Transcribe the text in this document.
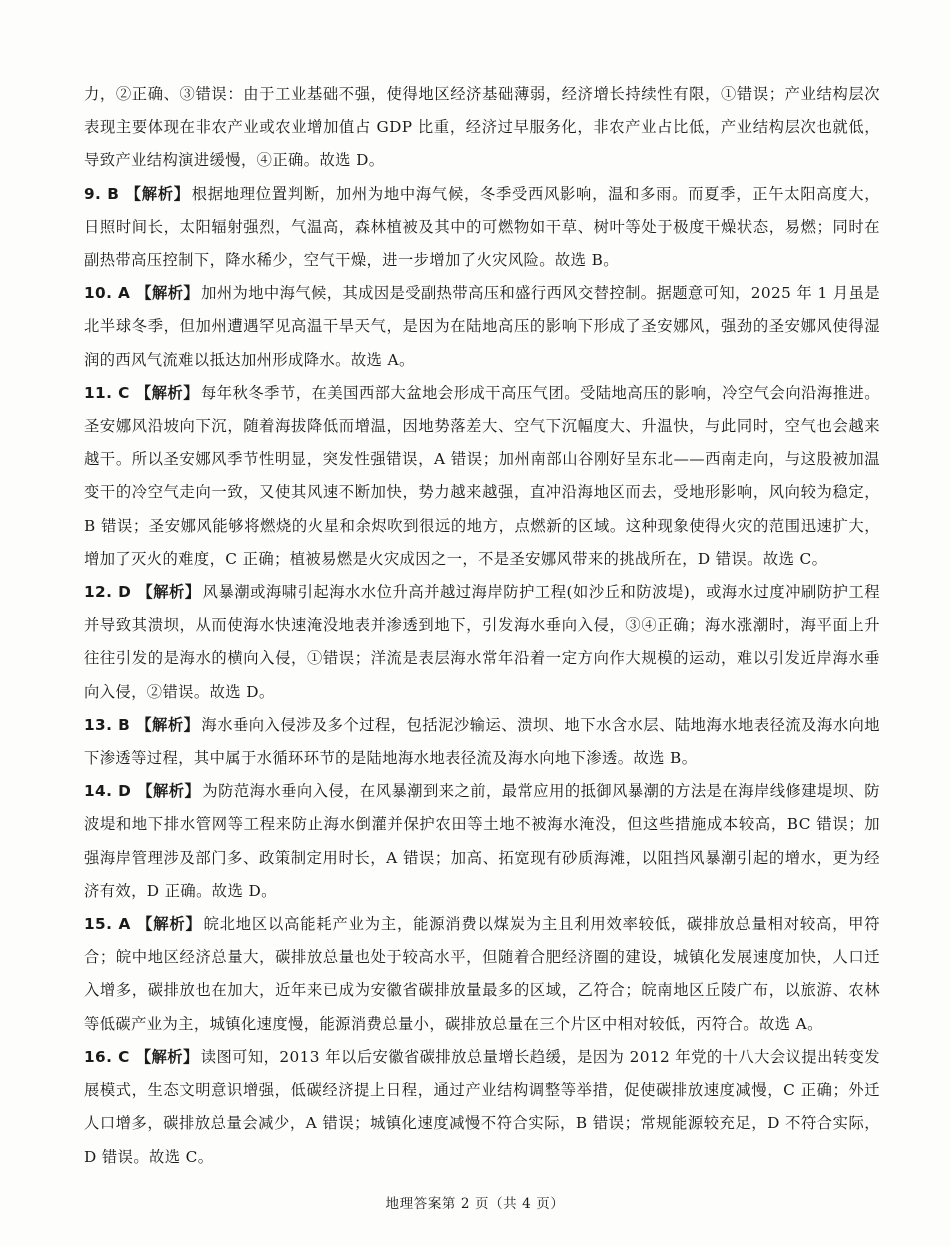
力，②正确、③错误：由于工业基础不强，使得地区经济基础薄弱，经济增长持续性有限，①错误；产业结构层次表现主要体现在非农产业或农业增加值占 GDP 比重，经济过早服务化，非农产业占比低，产业结构层次也就低，导致产业结构演进缓慢，④正确。故选 D。

9. B 【解析】 根据地理位置判断，加州为地中海气候，冬季受西风影响，温和多雨。而夏季，正午太阳高度大，日照时间长，太阳辐射强烈，气温高，森林植被及其中的可燃物如干草、树叶等处于极度干燥状态，易燃；同时在副热带高压控制下，降水稀少，空气干燥，进一步增加了火灾风险。故选 B。

10. A 【解析】 加州为地中海气候，其成因是受副热带高压和盛行西风交替控制。据题意可知，2025 年 1 月虽是北半球冬季，但加州遭遇罕见高温干旱天气，是因为在陆地高压的影响下形成了圣安娜风，强劲的圣安娜风使得湿润的西风气流难以抵达加州形成降水。故选 A。

11. C 【解析】 每年秋冬季节，在美国西部大盆地会形成干高压气团。受陆地高压的影响，冷空气会向沿海推进。圣安娜风沿坡向下沉，随着海拔降低而增温，因地势落差大、空气下沉幅度大、升温快，与此同时，空气也会越来越干。所以圣安娜风季节性明显，突发性强错误，A 错误；加州南部山谷刚好呈东北——西南走向，与这股被加温变干的冷空气走向一致，又使其风速不断加快，势力越来越强，直冲沿海地区而去，受地形影响，风向较为稳定，B 错误；圣安娜风能够将燃烧的火星和余烬吹到很远的地方，点燃新的区域。这种现象使得火灾的范围迅速扩大，增加了灭火的难度，C 正确；植被易燃是火灾成因之一，不是圣安娜风带来的挑战所在，D 错误。故选 C。

12. D 【解析】 风暴潮或海啸引起海水水位升高并越过海岸防护工程(如沙丘和防波堤)，或海水过度冲刷防护工程并导致其溃坝，从而使海水快速淹没地表并渗透到地下，引发海水垂向入侵，③④正确；海水涨潮时，海平面上升往往引发的是海水的横向入侵，①错误；洋流是表层海水常年沿着一定方向作大规模的运动，难以引发近岸海水垂向入侵，②错误。故选 D。

13. B 【解析】 海水垂向入侵涉及多个过程，包括泥沙输运、溃坝、地下水含水层、陆地海水地表径流及海水向地下渗透等过程，其中属于水循环环节的是陆地海水地表径流及海水向地下渗透。故选 B。

14. D 【解析】 为防范海水垂向入侵，在风暴潮到来之前，最常应用的抵御风暴潮的方法是在海岸线修建堤坝、防波堤和地下排水管网等工程来防止海水倒灌并保护农田等土地不被海水淹没，但这些措施成本较高，BC 错误；加强海岸管理涉及部门多、政策制定用时长，A 错误；加高、拓宽现有砂质海滩，以阻挡风暴潮引起的增水，更为经济有效，D 正确。故选 D。

15. A 【解析】 皖北地区以高能耗产业为主，能源消费以煤炭为主且利用效率较低，碳排放总量相对较高，甲符合；皖中地区经济总量大，碳排放总量也处于较高水平，但随着合肥经济圈的建设，城镇化发展速度加快，人口迁入增多，碳排放也在加大，近年来已成为安徽省碳排放量最多的区域，乙符合；皖南地区丘陵广布，以旅游、农林等低碳产业为主，城镇化速度慢，能源消费总量小，碳排放总量在三个片区中相对较低，丙符合。故选 A。

16. C 【解析】 读图可知，2013 年以后安徽省碳排放总量增长趋缓，是因为 2012 年党的十八大会议提出转变发展模式，生态文明意识增强，低碳经济提上日程，通过产业结构调整等举措，促使碳排放速度减慢，C 正确；外迁人口增多，碳排放总量会减少，A 错误；城镇化速度减慢不符合实际，B 错误；常规能源较充足，D 不符合实际，D 错误。故选 C。

地理答案第 2 页（共 4 页）
